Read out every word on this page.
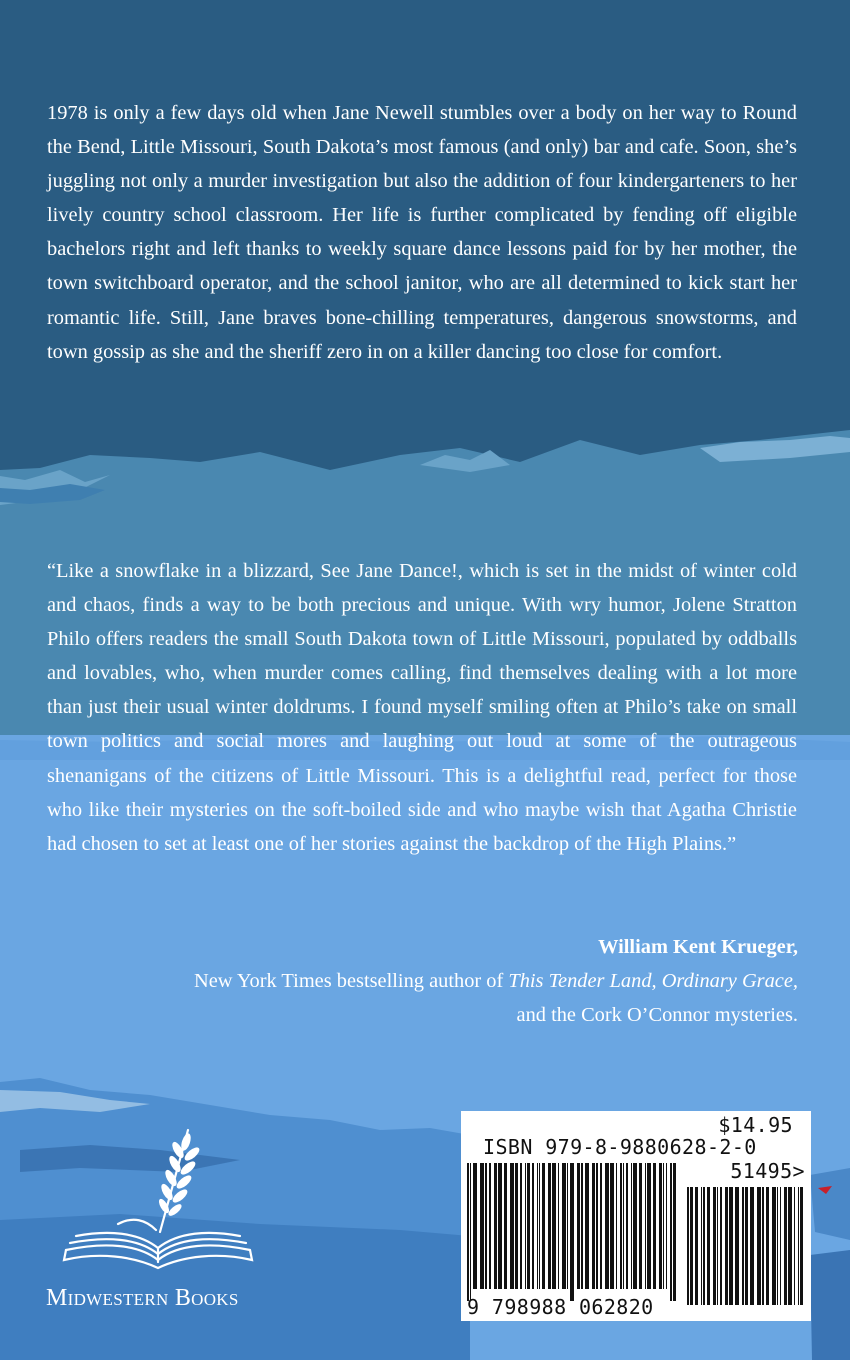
1978 is only a few days old when Jane Newell stumbles over a body on her way to Round the Bend, Little Missouri, South Dakota’s most famous (and only) bar and cafe. Soon, she’s juggling not only a murder investigation but also the addition of four kindergarteners to her lively country school classroom. Her life is further complicated by fending off eligible bachelors right and left thanks to weekly square dance lessons paid for by her mother, the town switchboard operator, and the school janitor, who are all determined to kick start her romantic life. Still, Jane braves bone-chilling temperatures, dangerous snowstorms, and town gossip as she and the sheriff zero in on a killer dancing too close for comfort.

“Like a snowflake in a blizzard, See Jane Dance!, which is set in the midst of winter cold and chaos, finds a way to be both precious and unique. With wry humor, Jolene Stratton Philo offers readers the small South Dakota town of Little Missouri, populated by oddballs and lovables, who, when murder comes calling, find themselves dealing with a lot more than just their usual winter doldrums. I found myself smiling often at Philo’s take on small town politics and social mores and laughing out loud at some of the outrageous shenanigans of the citizens of Little Missouri. This is a delightful read, perfect for those who like their mysteries on the soft-boiled side and who maybe wish that Agatha Christie had chosen to set at least one of her stories against the backdrop of the High Plains.”

William Kent Krueger,
New York Times bestselling author of This Tender Land, Ordinary Grace,
and the Cork O’Connor mysteries.
$14.95
ISBN 979-8-9880628-2-0
51495>
9 798988 062820
Midwestern Books
